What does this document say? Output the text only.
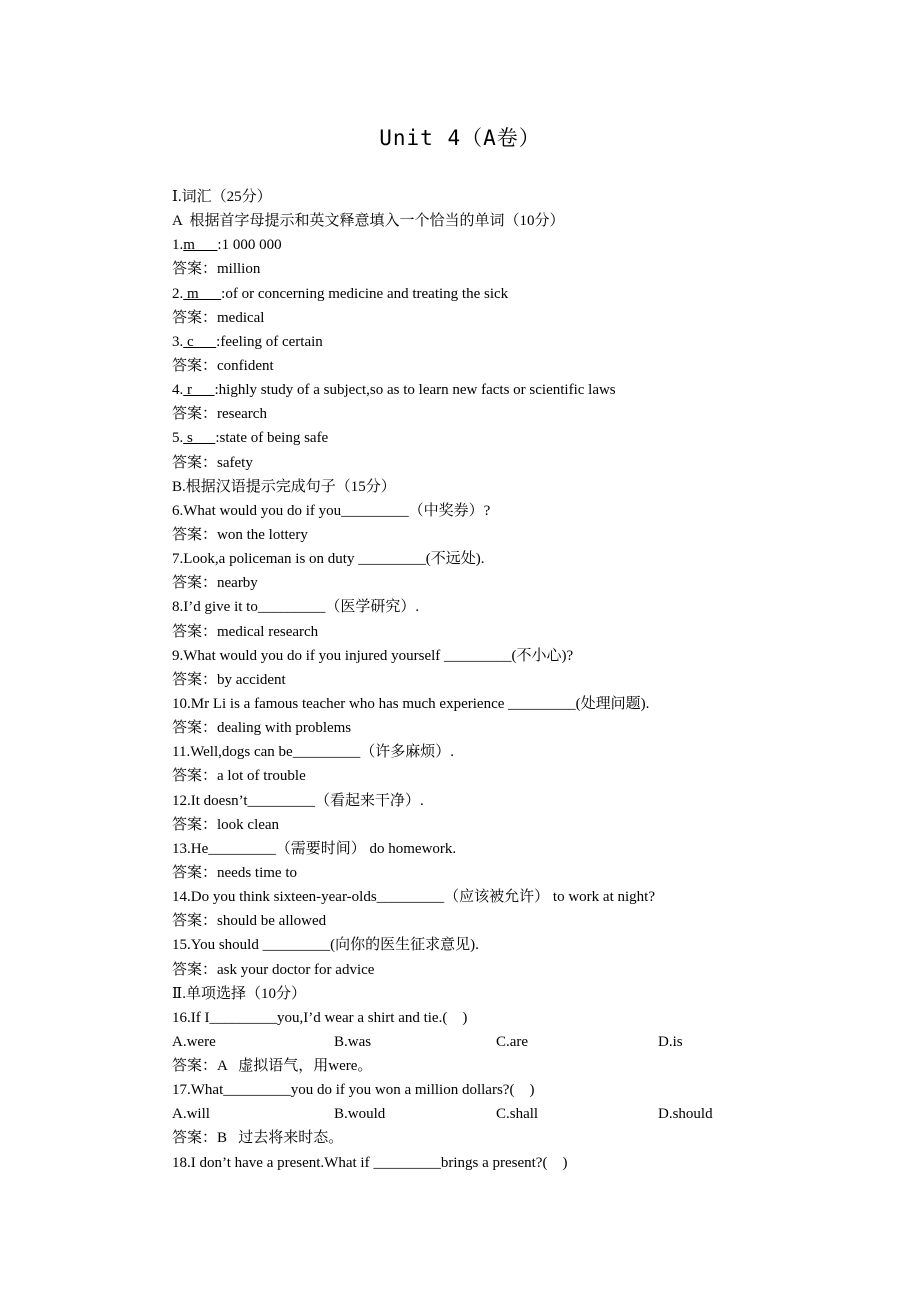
Unit 4（A卷）
Ⅰ.词汇（25分）
A  根据首字母提示和英文释意填入一个恰当的单词（10分）
1.m      :1 000 000
答案：million
2. m      :of or concerning medicine and treating the sick
答案：medical
3. c      :feeling of certain
答案：confident
4. r      :highly study of a subject,so as to learn new facts or scientific laws
答案：research
5. s      :state of being safe
答案：safety
B.根据汉语提示完成句子（15分）
6.What would you do if you_________（中奖券）?
答案：won the lottery
7.Look,a policeman is on duty _________(不远处).
答案：nearby
8.I’d give it to_________（医学研究）.
答案：medical research
9.What would you do if you injured yourself _________(不小心)?
答案：by accident
10.Mr Li is a famous teacher who has much experience _________(处理问题).
答案：dealing with problems
11.Well,dogs can be_________（许多麻烦）.
答案：a lot of trouble
12.It doesn’t_________（看起来干净）.
答案：look clean
13.He_________（需要时间） do homework.
答案：needs time to
14.Do you think sixteen-year-olds_________（应该被允许） to work at night?
答案：should be allowed
15.You should _________(向你的医生征求意见).
答案：ask your doctor for advice
Ⅱ.单项选择（10分）
16.If I_________you,I’d wear a shirt and tie.(    )
A.were	B.was	C.are	D.is
答案：A   虚拟语气，用were。
17.What_________you do if you won a million dollars?(    )
A.will	B.would	C.shall	D.should
答案：B   过去将来时态。
18.I don’t have a present.What if _________brings a present?(    )
